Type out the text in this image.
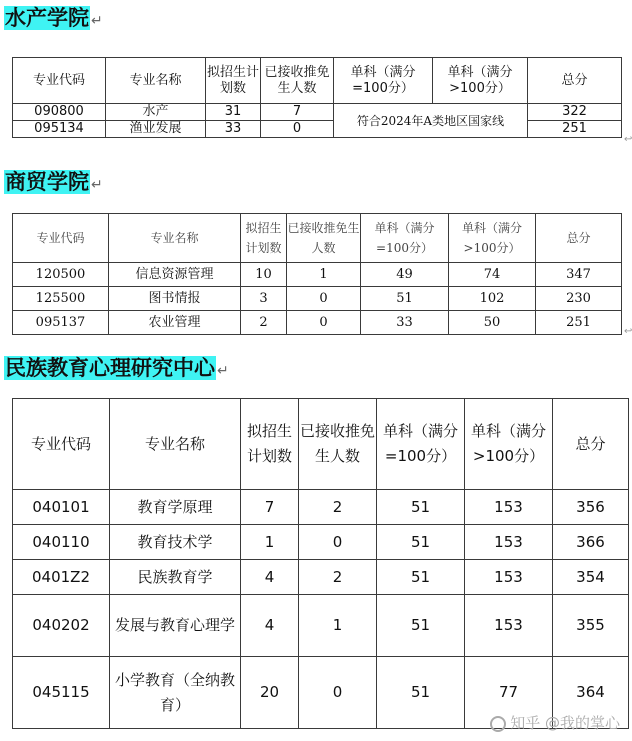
水产学院 ↵
专业代码	专业名称	拟招生计划数	已接收推免生人数	单科（满分=100分）	单科（满分>100分）	总分
090800	水产	31	7	符合2024年A类地区国家线		322
095134	渔业发展	33	0			251
↩
商贸学院 ↵
专业代码	专业名称	拟招生计划数	已接收推免生人数	单科（满分=100分）	单科（满分>100分）	总分
120500	信息资源管理	10	1	49	74	347
125500	图书情报	3	0	51	102	230
095137	农业管理	2	0	33	50	251
↩
民族教育心理研究中心 ↵
专业代码	专业名称	拟招生计划数	已接收推免生人数	单科（满分=100分）	单科（满分>100分）	总分
040101	教育学原理	7	2	51	153	356
040110	教育技术学	1	0	51	153	366
0401Z2	民族教育学	4	2	51	153	354
040202	发展与教育心理学	4	1	51	153	355
045115	小学教育（全纳教育）	20	0	51	77	364
知乎 @我的掌心
